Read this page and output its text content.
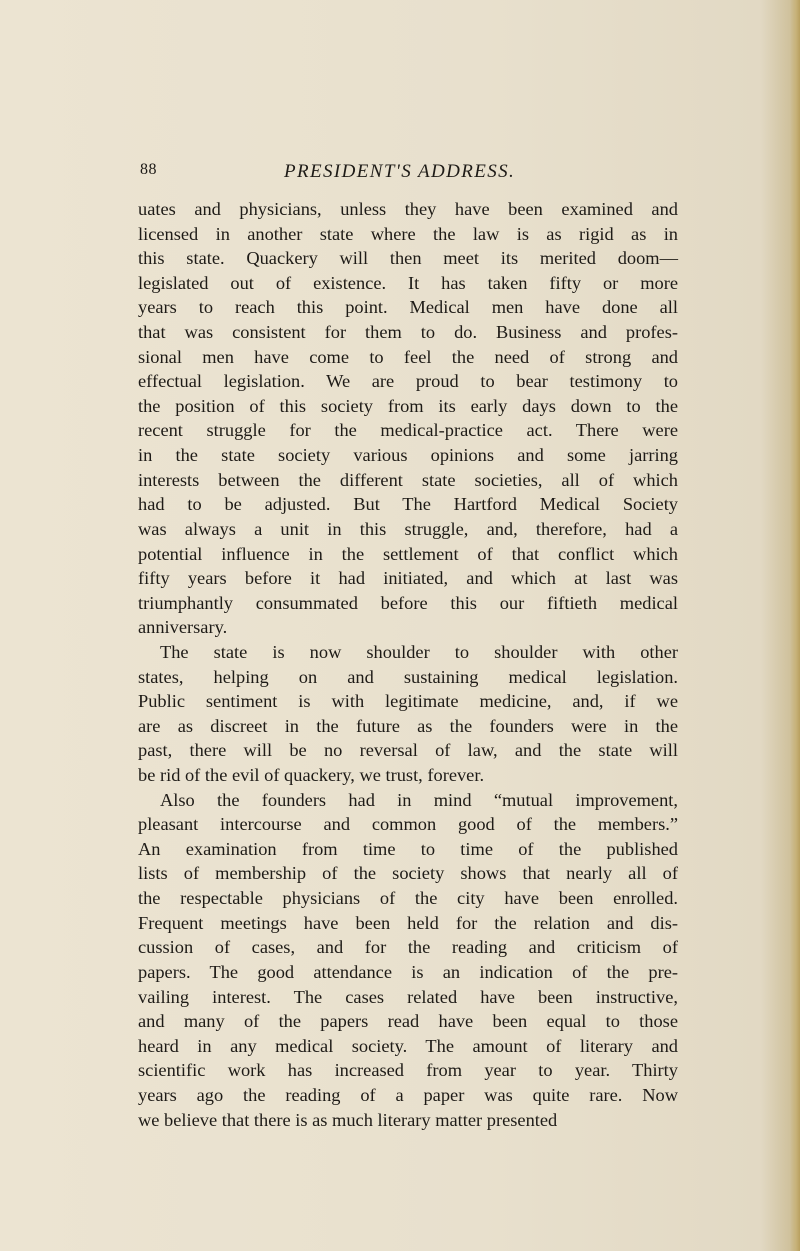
88	PRESIDENT'S ADDRESS.
uates and physicians, unless they have been examined and
licensed in another state where the law is as rigid as in
this state. Quackery will then meet its merited doom—
legislated out of existence. It has taken fifty or more
years to reach this point. Medical men have done all
that was consistent for them to do. Business and profes-
sional men have come to feel the need of strong and
effectual legislation. We are proud to bear testimony to
the position of this society from its early days down to the
recent struggle for the medical-practice act. There were
in the state society various opinions and some jarring
interests between the different state societies, all of which
had to be adjusted. But The Hartford Medical Society
was always a unit in this struggle, and, therefore, had a
potential influence in the settlement of that conflict which
fifty years before it had initiated, and which at last was
triumphantly consummated before this our fiftieth medical
anniversary.
The state is now shoulder to shoulder with other
states, helping on and sustaining medical legislation.
Public sentiment is with legitimate medicine, and, if we
are as discreet in the future as the founders were in the
past, there will be no reversal of law, and the state will
be rid of the evil of quackery, we trust, forever.
Also the founders had in mind “mutual improvement,
pleasant intercourse and common good of the members.”
An examination from time to time of the published
lists of membership of the society shows that nearly all of
the respectable physicians of the city have been enrolled.
Frequent meetings have been held for the relation and dis-
cussion of cases, and for the reading and criticism of
papers. The good attendance is an indication of the pre-
vailing interest. The cases related have been instructive,
and many of the papers read have been equal to those
heard in any medical society. The amount of literary and
scientific work has increased from year to year. Thirty
years ago the reading of a paper was quite rare. Now
we believe that there is as much literary matter presented
